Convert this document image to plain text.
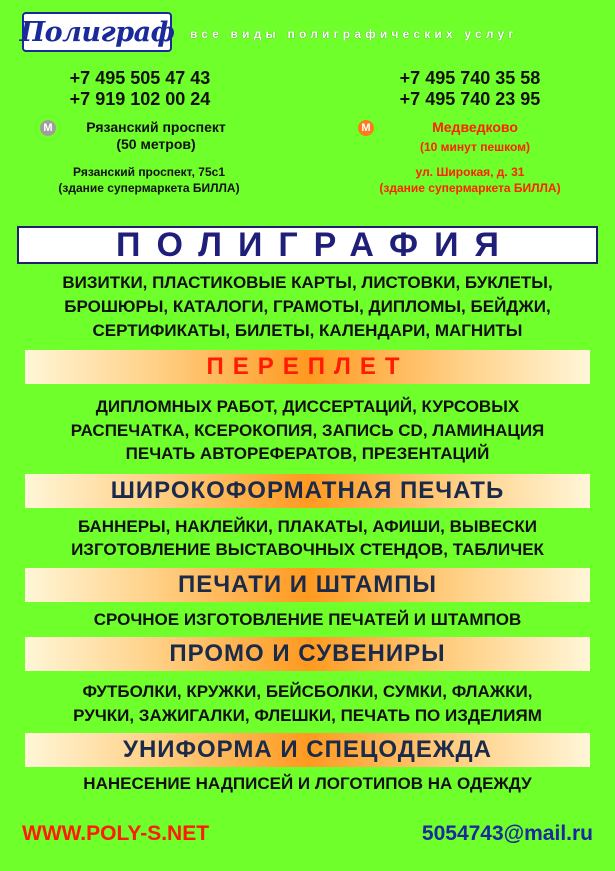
Полиграф все виды полиграфических услуг
+7 495 505 47 43
+7 919 102 00 24
М	Рязанский проспект
(50 метров)
Рязанский проспект, 75с1
(здание супермаркета БИЛЛА)
+7 495 740 35 58
+7 495 740 23 95
М	Медведково
(10 минут пешком)
ул. Широкая, д. 31
(здание супермаркета БИЛЛА)
ПОЛИГРАФИЯ
ВИЗИТКИ, ПЛАСТИКОВЫЕ КАРТЫ, ЛИСТОВКИ, БУКЛЕТЫ,
БРОШЮРЫ, КАТАЛОГИ, ГРАМОТЫ, ДИПЛОМЫ, БЕЙДЖИ,
СЕРТИФИКАТЫ, БИЛЕТЫ, КАЛЕНДАРИ, МАГНИТЫ
ПЕРЕПЛЕТ
ДИПЛОМНЫХ РАБОТ, ДИССЕРТАЦИЙ, КУРСОВЫХ
РАСПЕЧАТКА, КСЕРОКОПИЯ, ЗАПИСЬ CD, ЛАМИНАЦИЯ
ПЕЧАТЬ АВТОРЕФЕРАТОВ, ПРЕЗЕНТАЦИЙ
ШИРОКОФОРМАТНАЯ ПЕЧАТЬ
БАННЕРЫ, НАКЛЕЙКИ, ПЛАКАТЫ, АФИШИ, ВЫВЕСКИ
ИЗГОТОВЛЕНИЕ ВЫСТАВОЧНЫХ СТЕНДОВ, ТАБЛИЧЕК
ПЕЧАТИ И ШТАМПЫ
СРОЧНОЕ ИЗГОТОВЛЕНИЕ ПЕЧАТЕЙ И ШТАМПОВ
ПРОМО И СУВЕНИРЫ
ФУТБОЛКИ, КРУЖКИ, БЕЙСБОЛКИ, СУМКИ, ФЛАЖКИ,
РУЧКИ, ЗАЖИГАЛКИ, ФЛЕШКИ, ПЕЧАТЬ ПО ИЗДЕЛИЯМ
УНИФОРМА И СПЕЦОДЕЖДА
НАНЕСЕНИЕ НАДПИСЕЙ И ЛОГОТИПОВ НА ОДЕЖДУ
WWW.POLY-S.NET	5054743@mail.ru
